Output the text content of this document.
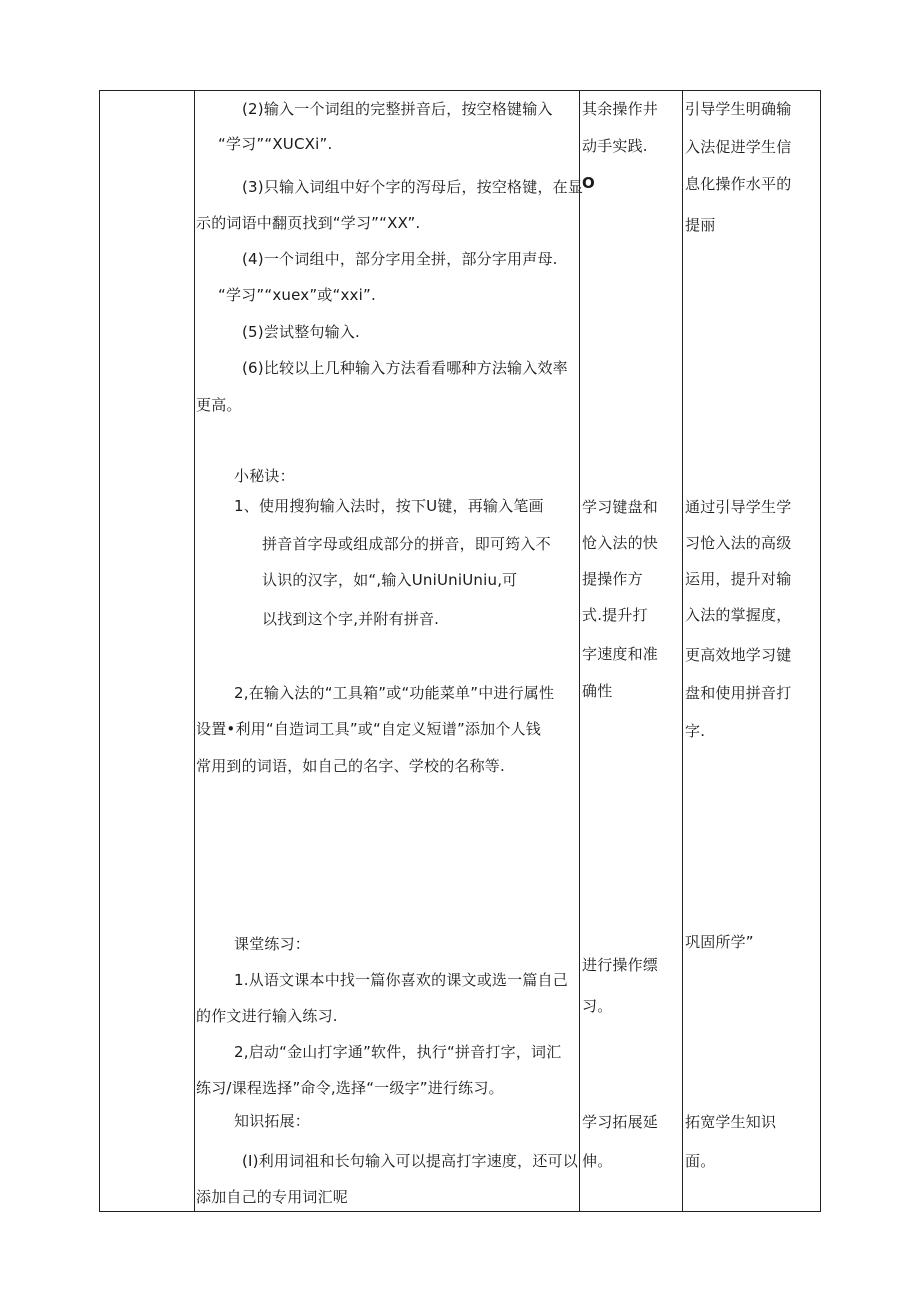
(2)输入一个词组的完整拼音后，按空格键输入
“学习”“XUCXi”.
(3)只输入词组中好个字的泻母后，按空格键，在显
示的词语中翻页找到“学习”“XX”.
(4)一个词组中，部分字用全拼，部分字用声母.
“学习”“xuex”或“xxi”.
(5)尝试整句输入.
(6)比较以上几种输入方法看看哪种方法输入效率
更高。
小秘诀：
1、使用搜狗输入法时，按下U键，再输入笔画
拼音首字母或组成部分的拼音，即可筠入不
认识的汉字，如“,输入UniUniUniu,可
以找到这个字,并附有拼音.
2,在输入法的“工具箱”或“功能菜单”中进行属性
设置•利用“自造词工具”或“自定义短谱”添加个人钱
常用到的词语，如自己的名字、学校的名称等.
课堂练习：
1.从语文课本中找一篇你喜欢的课文或选一篇自己
的作文进行输入练习.
2,启动“金山打字通”软件，执行“拼音打字，词汇
练习/课程选择”命令,选择“一级字”进行练习。
知识拓展：
(I)利用词祖和长句输入可以提高打字速度，还可以
添加自己的专用词汇呢
其余操作井
动手实践.
O
学习键盘和
怆入法的快
提操作方
式.提升打
字速度和准
确性
进行操作缥
习。
学习拓展延
伸。
引导学生明确输
入法促进学生信
息化操作水平的
提丽
通过引导学生学
习怆入法的高级
运用，提升对输
入法的掌握度，
更高效地学习键
盘和使用拼音打
字.
巩固所学”
拓宽学生知识
面。
